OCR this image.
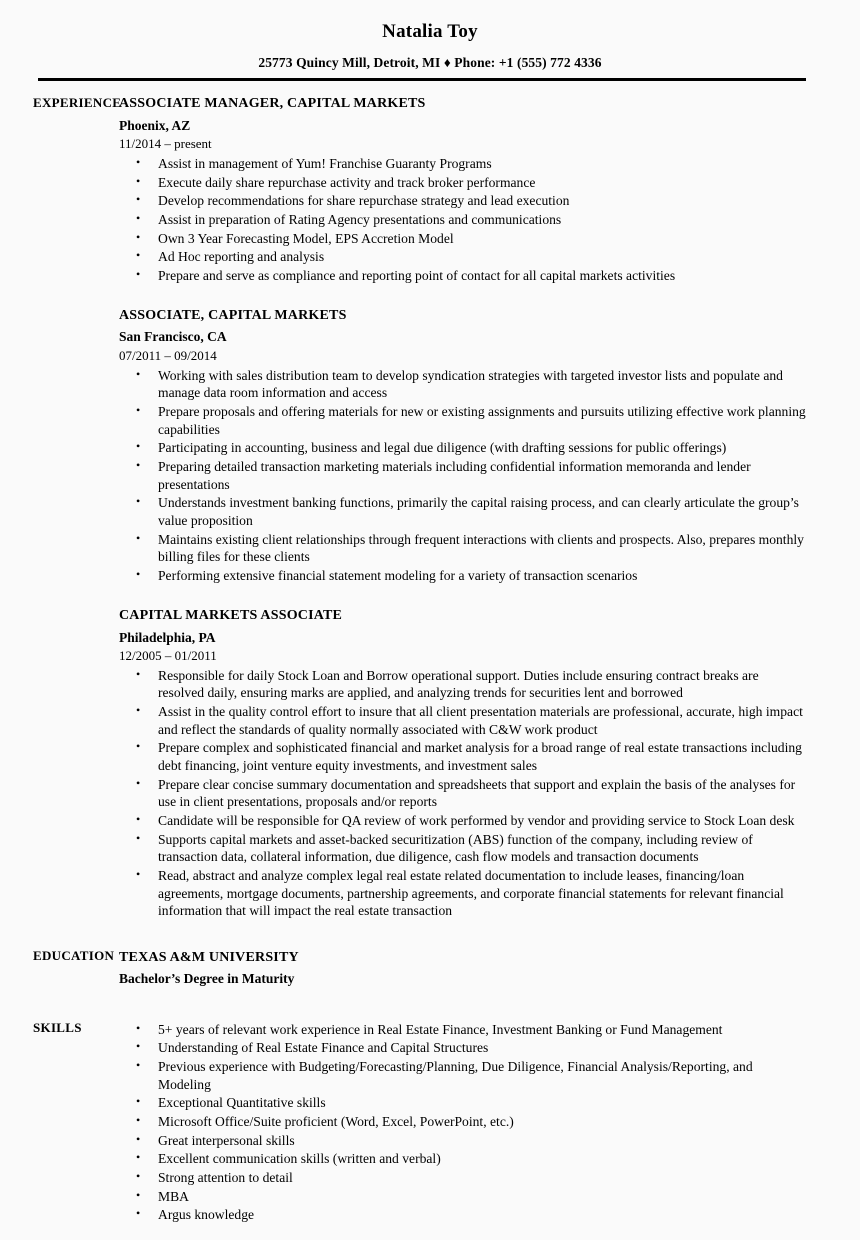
Natalia Toy
25773 Quincy Mill, Detroit, MI ♦ Phone: +1 (555) 772 4336
EXPERIENCE
ASSOCIATE MANAGER, CAPITAL MARKETS
Phoenix, AZ
11/2014 – present
• Assist in management of Yum! Franchise Guaranty Programs
• Execute daily share repurchase activity and track broker performance
• Develop recommendations for share repurchase strategy and lead execution
• Assist in preparation of Rating Agency presentations and communications
• Own 3 Year Forecasting Model, EPS Accretion Model
• Ad Hoc reporting and analysis
• Prepare and serve as compliance and reporting point of contact for all capital markets activities
ASSOCIATE, CAPITAL MARKETS
San Francisco, CA
07/2011 – 09/2014
• Working with sales distribution team to develop syndication strategies with targeted investor lists and populate and manage data room information and access
• Prepare proposals and offering materials for new or existing assignments and pursuits utilizing effective work planning capabilities
• Participating in accounting, business and legal due diligence (with drafting sessions for public offerings)
• Preparing detailed transaction marketing materials including confidential information memoranda and lender presentations
• Understands investment banking functions, primarily the capital raising process, and can clearly articulate the group’s value proposition
• Maintains existing client relationships through frequent interactions with clients and prospects. Also, prepares monthly billing files for these clients
• Performing extensive financial statement modeling for a variety of transaction scenarios
CAPITAL MARKETS ASSOCIATE
Philadelphia, PA
12/2005 – 01/2011
• Responsible for daily Stock Loan and Borrow operational support. Duties include ensuring contract breaks are resolved daily, ensuring marks are applied, and analyzing trends for securities lent and borrowed
• Assist in the quality control effort to insure that all client presentation materials are professional, accurate, high impact and reflect the standards of quality normally associated with C&W work product
• Prepare complex and sophisticated financial and market analysis for a broad range of real estate transactions including debt financing, joint venture equity investments, and investment sales
• Prepare clear concise summary documentation and spreadsheets that support and explain the basis of the analyses for use in client presentations, proposals and/or reports
• Candidate will be responsible for QA review of work performed by vendor and providing service to Stock Loan desk
• Supports capital markets and asset-backed securitization (ABS) function of the company, including review of transaction data, collateral information, due diligence, cash flow models and transaction documents
• Read, abstract and analyze complex legal real estate related documentation to include leases, financing/loan agreements, mortgage documents, partnership agreements, and corporate financial statements for relevant financial information that will impact the real estate transaction
EDUCATION TEXAS A&M UNIVERSITY
Bachelor’s Degree in Maturity
SKILLS	• 5+ years of relevant work experience in Real Estate Finance, Investment Banking or Fund Management
• Understanding of Real Estate Finance and Capital Structures
• Previous experience with Budgeting/Forecasting/Planning, Due Diligence, Financial Analysis/Reporting, and Modeling
• Exceptional Quantitative skills
• Microsoft Office/Suite proficient (Word, Excel, PowerPoint, etc.)
• Great interpersonal skills
• Excellent communication skills (written and verbal)
• Strong attention to detail
• MBA
• Argus knowledge
